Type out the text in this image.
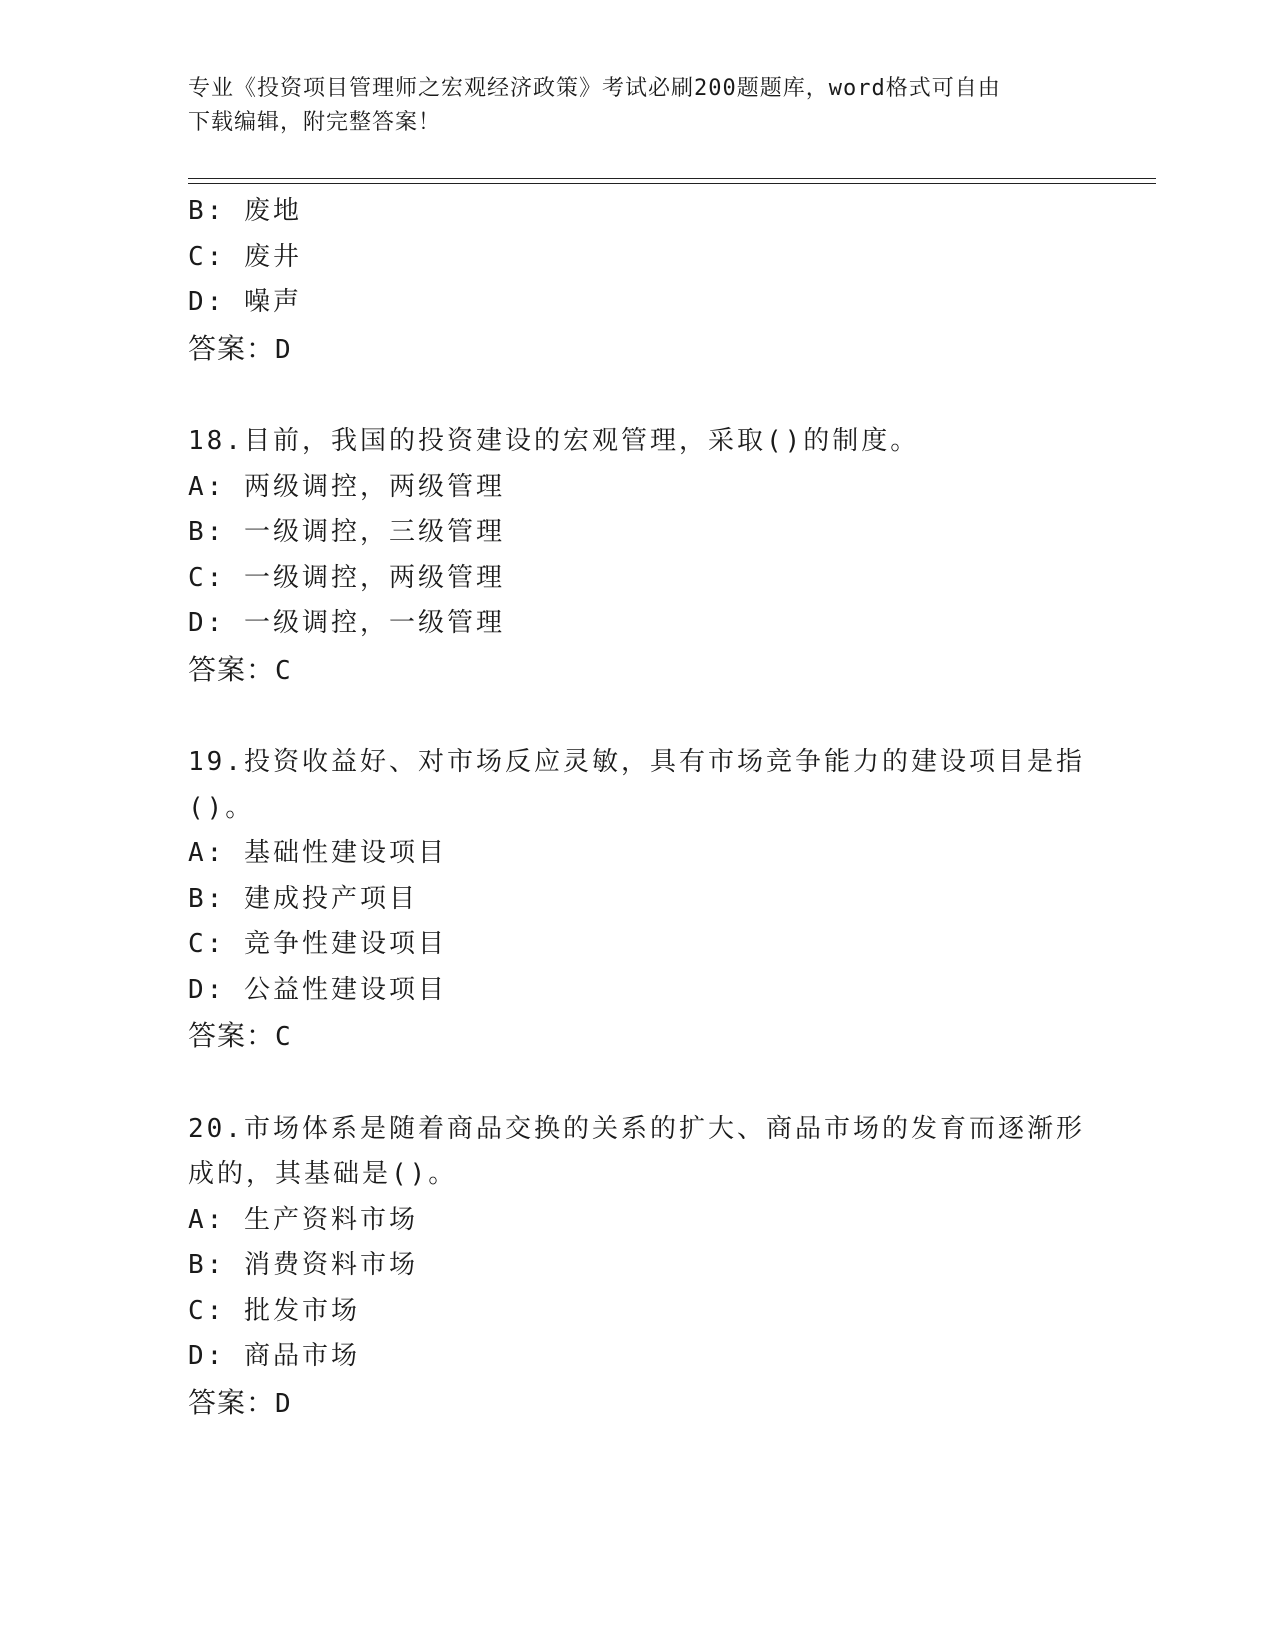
专业《投资项目管理师之宏观经济政策》考试必刷200题题库，word格式可自由
下载编辑，附完整答案！
B: 废地
C: 废井
D: 噪声
答案：D
18.目前，我国的投资建设的宏观管理，采取()的制度。
A: 两级调控，两级管理
B: 一级调控，三级管理
C: 一级调控，两级管理
D: 一级调控，一级管理
答案：C
19.投资收益好、对市场反应灵敏，具有市场竞争能力的建设项目是指
()。
A: 基础性建设项目
B: 建成投产项目
C: 竞争性建设项目
D: 公益性建设项目
答案：C
20.市场体系是随着商品交换的关系的扩大、商品市场的发育而逐渐形
成的，其基础是()。
A: 生产资料市场
B: 消费资料市场
C: 批发市场
D: 商品市场
答案：D
